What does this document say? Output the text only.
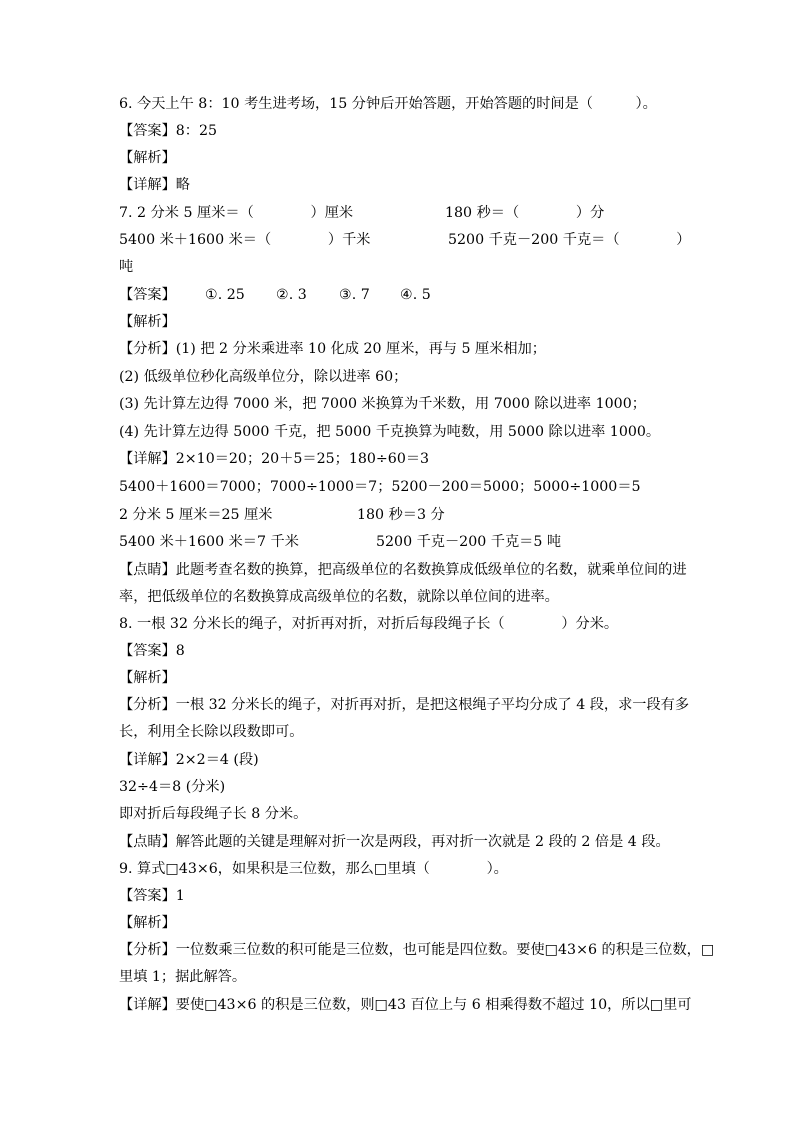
6. 今天上午 8：10 考生进考场，15 分钟后开始答题，开始答题的时间是（　　　）。
【答案】8：25
【解析】
【详解】略
7. 2 分米 5 厘米＝（　　　　）厘米	180 秒＝（　　　　）分
5400 米＋1600 米＝（　　　　）千米	5200 千克－200 千克＝（　　　　）
吨
【答案】 ①. 25 ②. 3 ③. 7 ④. 5
【解析】
【分析】(1) 把 2 分米乘进率 10 化成 20 厘米，再与 5 厘米相加；
(2) 低级单位秒化高级单位分，除以进率 60；
(3) 先计算左边得 7000 米，把 7000 米换算为千米数，用 7000 除以进率 1000；
(4) 先计算左边得 5000 千克，把 5000 千克换算为吨数，用 5000 除以进率 1000。
【详解】2×10＝20；20＋5＝25；180÷60＝3
5400＋1600＝7000；7000÷1000＝7；5200－200＝5000；5000÷1000＝5
2 分米 5 厘米＝25 厘米	180 秒＝3 分
5400 米＋1600 米＝7 千米	5200 千克－200 千克＝5 吨
【点睛】此题考查名数的换算，把高级单位的名数换算成低级单位的名数，就乘单位间的进
率，把低级单位的名数换算成高级单位的名数，就除以单位间的进率。
8. 一根 32 分米长的绳子，对折再对折，对折后每段绳子长（　　　　）分米。
【答案】8
【解析】
【分析】一根 32 分米长的绳子，对折再对折，是把这根绳子平均分成了 4 段，求一段有多
长，利用全长除以段数即可。
【详解】2×2＝4 (段)
32÷4＝8 (分米)
即对折后每段绳子长 8 分米。
【点睛】解答此题的关键是理解对折一次是两段，再对折一次就是 2 段的 2 倍是 4 段。
9. 算式□43×6，如果积是三位数，那么□里填（　　　　）。
【答案】1
【解析】
【分析】一位数乘三位数的积可能是三位数，也可能是四位数。要使□43×6 的积是三位数，□
里填 1；据此解答。
【详解】要使□43×6 的积是三位数，则□43 百位上与 6 相乘得数不超过 10，所以□里可
